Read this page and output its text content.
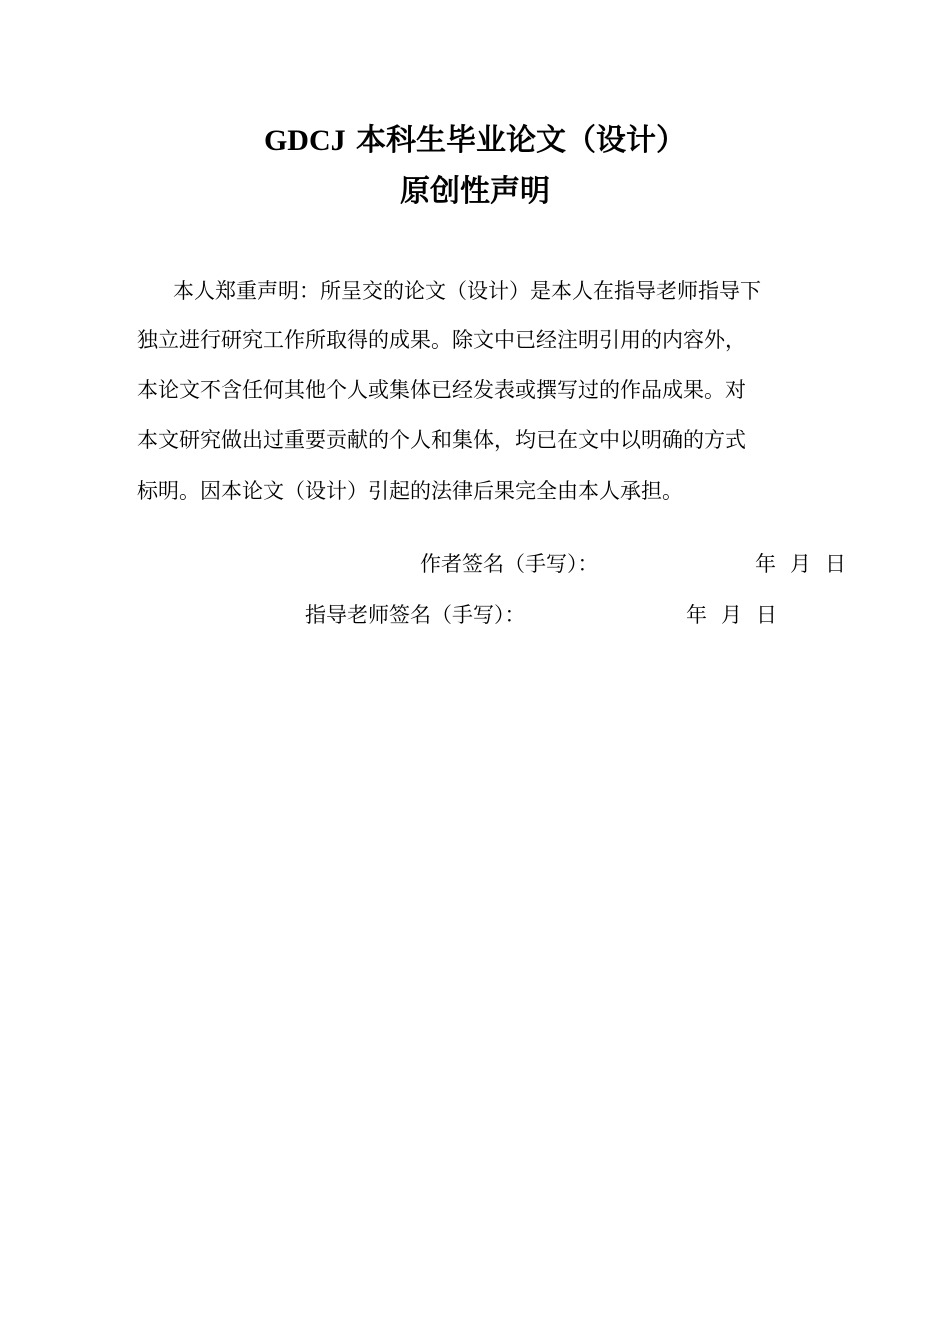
GDCJ 本科生毕业论文（设计）
原创性声明
本人郑重声明：所呈交的论文（设计）是本人在指导老师指导下
独立进行研究工作所取得的成果。除文中已经注明引用的内容外，
本论文不含任何其他个人或集体已经发表或撰写过的作品成果。对
本文研究做出过重要贡献的个人和集体，均已在文中以明确的方式
标明。因本论文（设计）引起的法律后果完全由本人承担。
作者签名（手写）：	年 月 日
指导老师签名（手写）：	年 月 日
